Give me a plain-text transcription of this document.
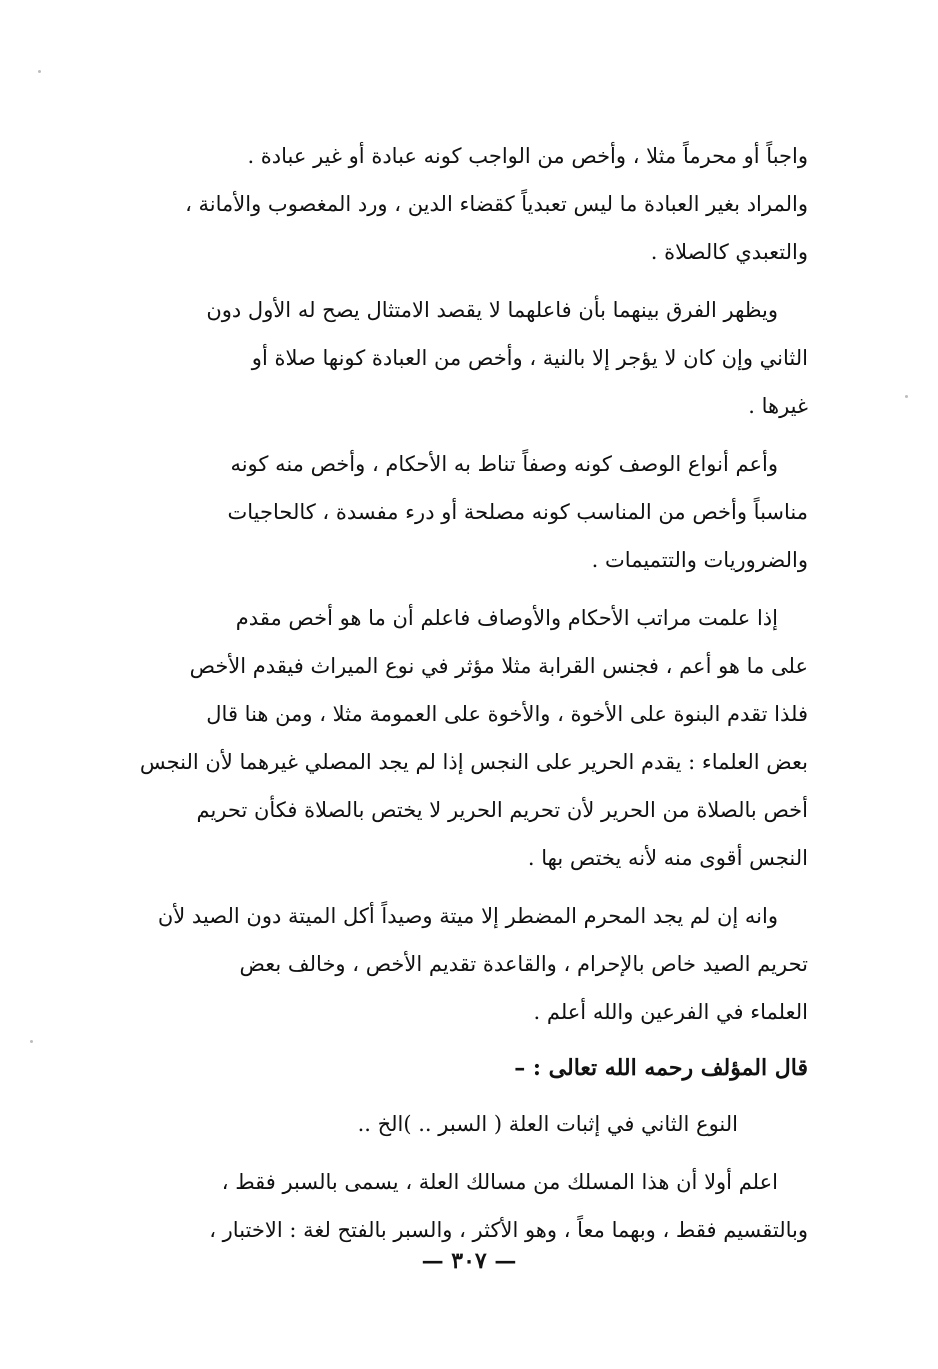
واجباً أو محرماً مثلا ، وأخص من الواجب كونه عبادة أو غير عبادة .
والمراد بغير العبادة ما ليس تعبدياً كقضاء الدين ، ورد المغصوب والأمانة ،
والتعبدي كالصلاة .

ويظهر الفرق بينهما بأن فاعلهما لا يقصد الامتثال يصح له الأول دون
الثاني وإن كان لا يؤجر إلا بالنية ، وأخص من العبادة كونها صلاة أو
غيرها .

وأعم أنواع الوصف كونه وصفاً تناط به الأحكام ، وأخص منه كونه
مناسباً وأخص من المناسب كونه مصلحة أو درء مفسدة ، كالحاجيات
والضروريات والتتميمات .

إذا علمت مراتب الأحكام والأوصاف فاعلم أن ما هو أخص مقدم
على ما هو أعم ، فجنس القرابة مثلا مؤثر في نوع الميراث فيقدم الأخص
فلذا تقدم البنوة على الأخوة ، والأخوة على العمومة مثلا ، ومن هنا قال
بعض العلماء : يقدم الحرير على النجس إذا لم يجد المصلي غيرهما لأن النجس
أخص بالصلاة من الحرير لأن تحريم الحرير لا يختص بالصلاة فكأن تحريم
النجس أقوى منه لأنه يختص بها .

وانه إن لم يجد المحرم المضطر إلا ميتة وصيداً أكل الميتة دون الصيد لأن
تحريم الصيد خاص بالإحرام ، والقاعدة تقديم الأخص ، وخالف بعض
العلماء في الفرعين والله أعلم .

قال المؤلف رحمه الله تعالى : –

النوع الثاني في إثبات العلة ( السبر .. )الخ ..

اعلم أولا أن هذا المسلك من مسالك العلة ، يسمى بالسبر فقط ،
وبالتقسيم فقط ، وبهما معاً ، وهو الأكثر ، والسبر بالفتح لغة : الاختبار ،

— ٣٠٧ —
